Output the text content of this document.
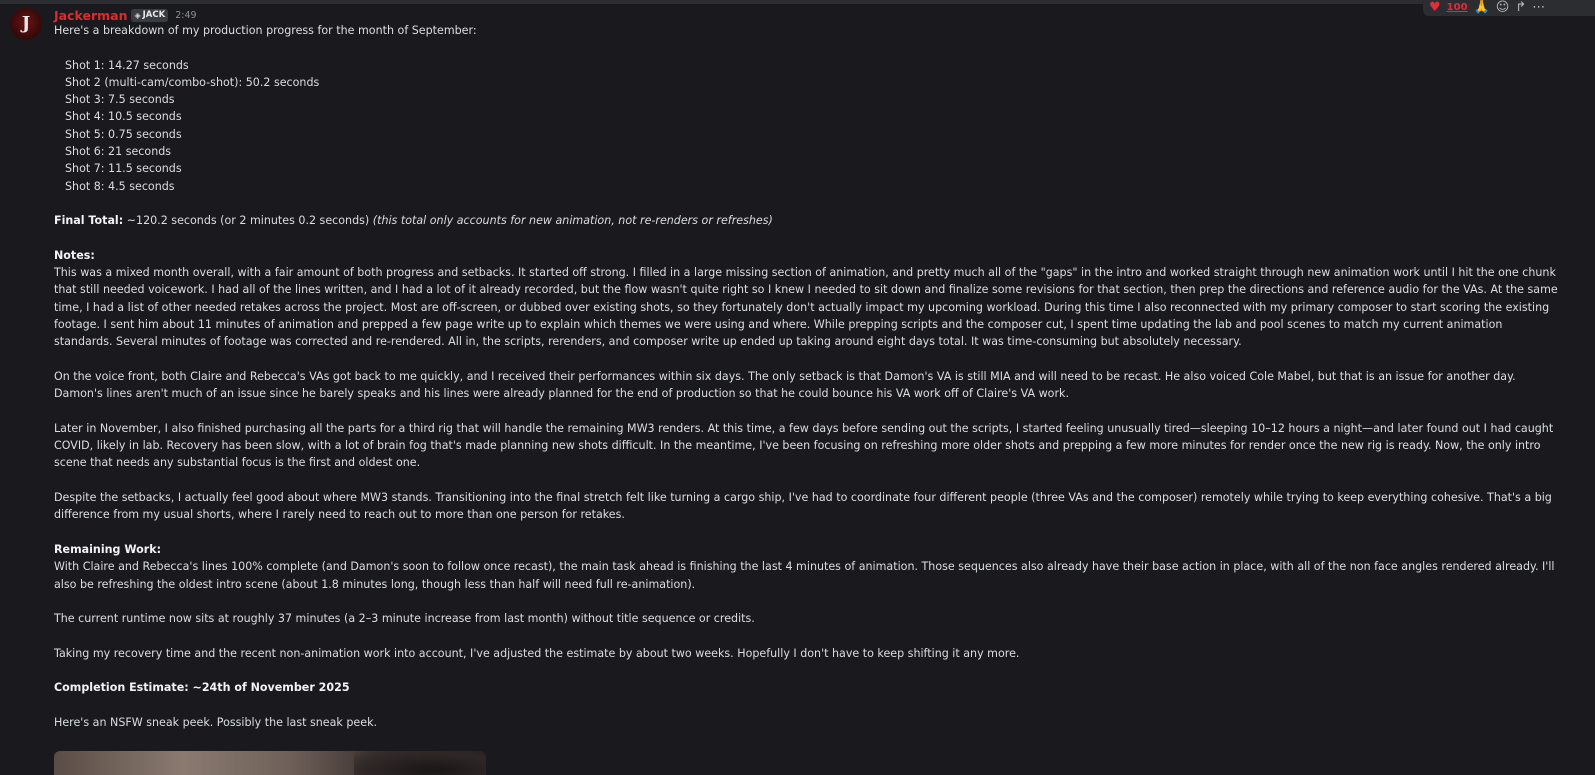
♥ 100 🙏 ☺ ↱ ⋯
J	Jackerman ◈ JACK 2:49
Here's a breakdown of my production progress for the month of September:
Shot 1: 14.27 seconds
Shot 2 (multi-cam/combo-shot): 50.2 seconds
Shot 3: 7.5 seconds
Shot 4: 10.5 seconds
Shot 5: 0.75 seconds
Shot 6: 21 seconds
Shot 7: 11.5 seconds
Shot 8: 4.5 seconds
Final Total: ~120.2 seconds (or 2 minutes 0.2 seconds) (this total only accounts for new animation, not re-renders or refreshes)
Notes:
This was a mixed month overall, with a fair amount of both progress and setbacks. It started off strong. I filled in a large missing section of animation, and pretty much all of the "gaps" in the intro and worked straight through new animation work until I hit the one chunk that still needed voicework. I had all of the lines written, and I had a lot of it already recorded, but the flow wasn't quite right so I knew I needed to sit down and finalize some revisions for that section, then prep the directions and reference audio for the VAs. At the same time, I had a list of other needed retakes across the project. Most are off-screen, or dubbed over existing shots, so they fortunately don't actually impact my upcoming workload. During this time I also reconnected with my primary composer to start scoring the existing footage. I sent him about 11 minutes of animation and prepped a few page write up to explain which themes we were using and where. While prepping scripts and the composer cut, I spent time updating the lab and pool scenes to match my current animation standards. Several minutes of footage was corrected and re-rendered. All in, the scripts, rerenders, and composer write up ended up taking around eight days total. It was time-consuming but absolutely necessary.
On the voice front, both Claire and Rebecca's VAs got back to me quickly, and I received their performances within six days. The only setback is that Damon's VA is still MIA and will need to be recast. He also voiced Cole Mabel, but that is an issue for another day. Damon's lines aren't much of an issue since he barely speaks and his lines were already planned for the end of production so that he could bounce his VA work off of Claire's VA work.
Later in November, I also finished purchasing all the parts for a third rig that will handle the remaining MW3 renders. At this time, a few days before sending out the scripts, I started feeling unusually tired—sleeping 10–12 hours a night—and later found out I had caught COVID, likely in lab. Recovery has been slow, with a lot of brain fog that's made planning new shots difficult. In the meantime, I've been focusing on refreshing more older shots and prepping a few more minutes for render once the new rig is ready. Now, the only intro scene that needs any substantial focus is the first and oldest one.
Despite the setbacks, I actually feel good about where MW3 stands. Transitioning into the final stretch felt like turning a cargo ship, I've had to coordinate four different people (three VAs and the composer) remotely while trying to keep everything cohesive. That's a big difference from my usual shorts, where I rarely need to reach out to more than one person for retakes.
Remaining Work:
With Claire and Rebecca's lines 100% complete (and Damon's soon to follow once recast), the main task ahead is finishing the last 4 minutes of animation. Those sequences also already have their base action in place, with all of the non face angles rendered already. I'll also be refreshing the oldest intro scene (about 1.8 minutes long, though less than half will need full re-animation).
The current runtime now sits at roughly 37 minutes (a 2–3 minute increase from last month) without title sequence or credits.
Taking my recovery time and the recent non-animation work into account, I've adjusted the estimate by about two weeks. Hopefully I don't have to keep shifting it any more.
Completion Estimate: ~24th of November 2025
Here's an NSFW sneak peek. Possibly the last sneak peek.
